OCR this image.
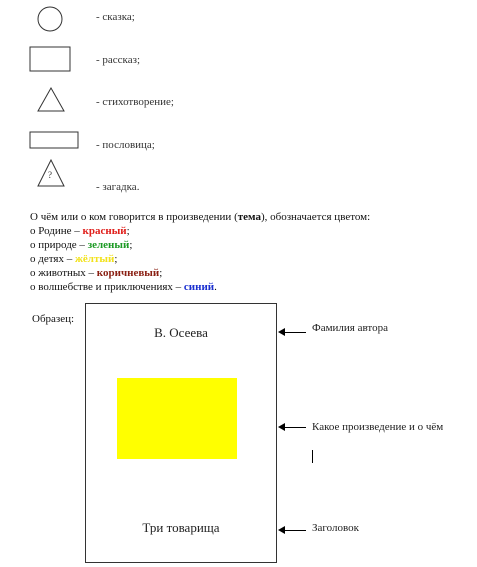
?
- сказка;
- рассказ;
- стихотворение;
- пословица;
- загадка.
О чём или о ком говорится в произведении (тема), обозначается цветом:
о Родине – красный;
о природе – зеленый;
о детях – жёлтый;
о животных – коричневый;
о волшебстве и приключениях – синий.
Образец:
В. Осеева
Три товарища
Фамилия автора
Какое произведение и о чём
Заголовок
